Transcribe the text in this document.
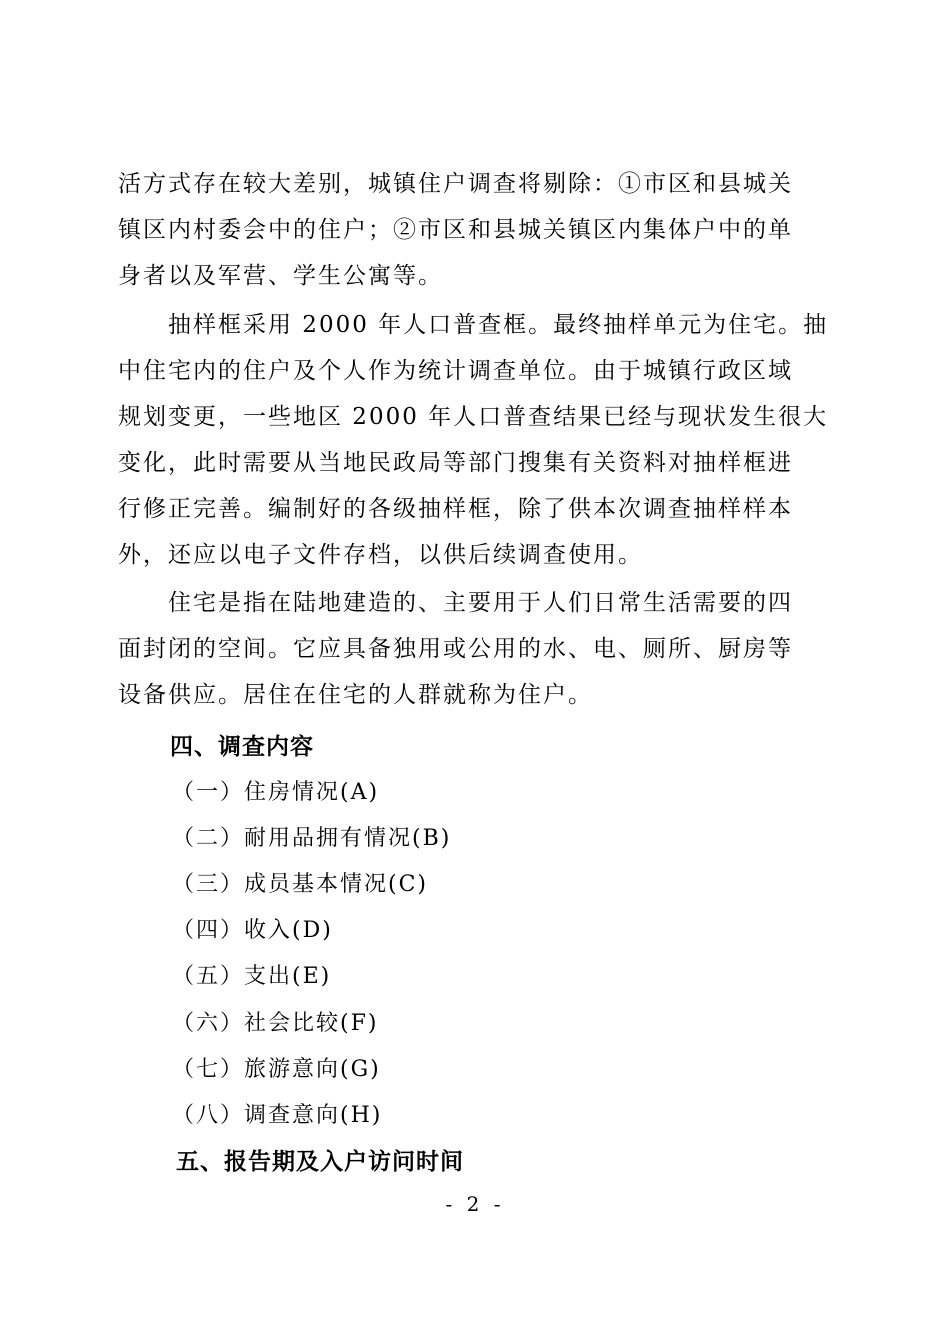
活方式存在较大差别，城镇住户调查将剔除：①市区和县城关
镇区内村委会中的住户；②市区和县城关镇区内集体户中的单
身者以及军营、学生公寓等。
　　抽样框采用 2000 年人口普查框。最终抽样单元为住宅。抽
中住宅内的住户及个人作为统计调查单位。由于城镇行政区域
规划变更，一些地区 2000 年人口普查结果已经与现状发生很大
变化，此时需要从当地民政局等部门搜集有关资料对抽样框进
行修正完善。编制好的各级抽样框，除了供本次调查抽样样本
外，还应以电子文件存档，以供后续调查使用。
　　住宅是指在陆地建造的、主要用于人们日常生活需要的四
面封闭的空间。它应具备独用或公用的水、电、厕所、厨房等
设备供应。居住在住宅的人群就称为住户。
四、调查内容

（一）住房情况(A)

（二）耐用品拥有情况(B)

（三）成员基本情况(C)

（四）收入(D)

（五）支出(E)

（六）社会比较(F)

（七）旅游意向(G)

（八）调查意向(H)

五、报告期及入户访问时间

- 2 -
